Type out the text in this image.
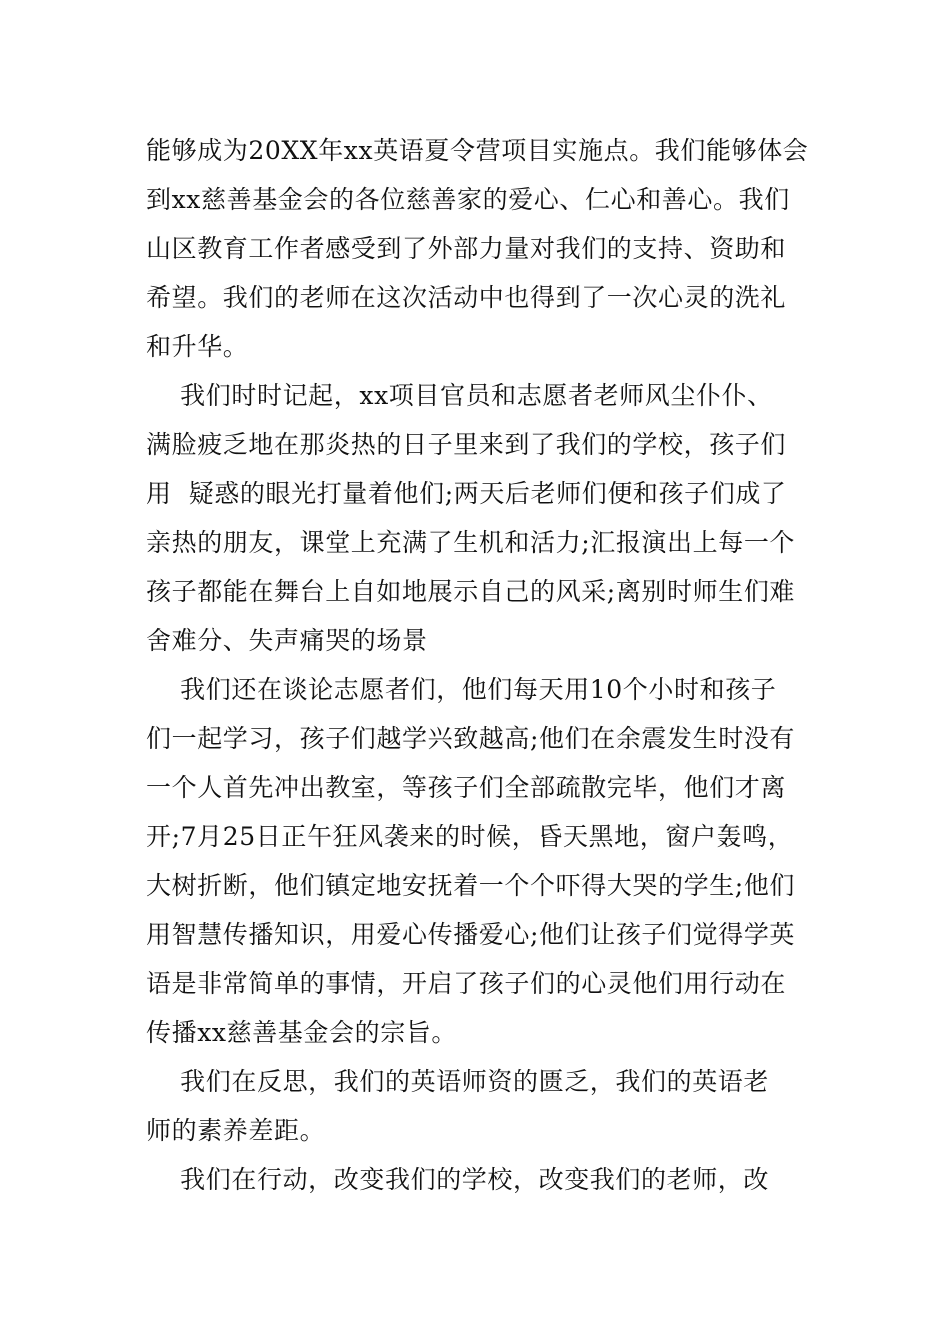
能够成为20XX年xx英语夏令营项目实施点。我们能够体会
到xx慈善基金会的各位慈善家的爱心、仁心和善心。我们
山区教育工作者感受到了外部力量对我们的支持、资助和
希望。我们的老师在这次活动中也得到了一次心灵的洗礼
和升华。

我们时时记起，xx项目官员和志愿者老师风尘仆仆、
满脸疲乏地在那炎热的日子里来到了我们的学校，孩子们
用  疑惑的眼光打量着他们;两天后老师们便和孩子们成了
亲热的朋友，课堂上充满了生机和活力;汇报演出上每一个
孩子都能在舞台上自如地展示自己的风采;离别时师生们难
舍难分、失声痛哭的场景

我们还在谈论志愿者们，他们每天用10个小时和孩子
们一起学习，孩子们越学兴致越高;他们在余震发生时没有
一个人首先冲出教室，等孩子们全部疏散完毕，他们才离
开;7月25日正午狂风袭来的时候，昏天黑地，窗户轰鸣，
大树折断，他们镇定地安抚着一个个吓得大哭的学生;他们
用智慧传播知识，用爱心传播爱心;他们让孩子们觉得学英
语是非常简单的事情，开启了孩子们的心灵他们用行动在
传播xx慈善基金会的宗旨。

我们在反思，我们的英语师资的匮乏，我们的英语老
师的素养差距。

我们在行动，改变我们的学校，改变我们的老师，改
